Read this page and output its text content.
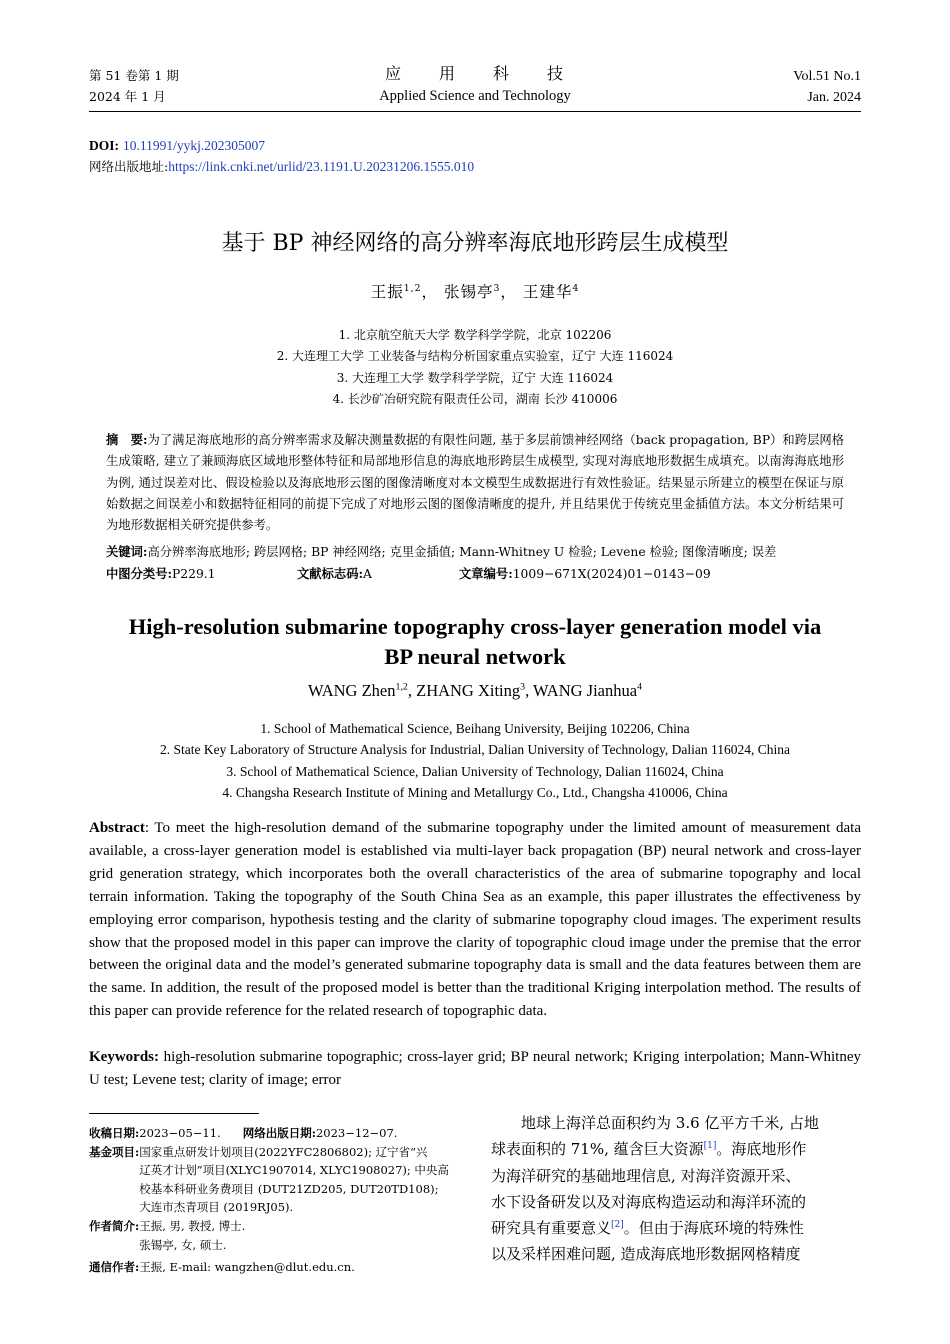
第 51 卷第 1 期
2024 年 1 月
应　　用　　科　　技
Applied Science and Technology
Vol.51 No.1
Jan. 2024
DOI: 10.11991/yykj.202305007
网络出版地址:https://link.cnki.net/urlid/23.1191.U.20231206.1555.010
基于 BP 神经网络的高分辨率海底地形跨层生成模型
王振$^{1,2}$， 张锡亭$^3$， 王建华$^4$
1. 北京航空航天大学 数学科学学院，北京 102206
2. 大连理工大学 工业装备与结构分析国家重点实验室，辽宁 大连 116024
3. 大连理工大学 数学科学学院，辽宁 大连 116024
4. 长沙矿冶研究院有限责任公司，湖南 长沙 410006
摘　要:为了满足海底地形的高分辨率需求及解决测量数据的有限性问题, 基于多层前馈神经网络（back propagation, BP）和跨层网格生成策略, 建立了兼顾海底区域地形整体特征和局部地形信息的海底地形跨层生成模型, 实现对海底地形数据生成填充。以南海海底地形为例, 通过误差对比、假设检验以及海底地形云图的图像清晰度对本文模型生成数据进行有效性验证。结果显示所建立的模型在保证与原始数据之间误差小和数据特征相同的前提下完成了对地形云图的图像清晰度的提升, 并且结果优于传统克里金插值方法。本文分析结果可为地形数据相关研究提供参考。
关键词:高分辨率海底地形; 跨层网格; BP 神经网络; 克里金插值; Mann-Whitney U 检验; Levene 检验; 图像清晰度; 误差
中图分类号:P229.1	文献标志码:A	文章编号:1009−671X(2024)01−0143−09
High-resolution submarine topography cross-layer generation model via
BP neural network
WANG Zhen$^{1,2}$, ZHANG Xiting$^3$, WANG Jianhua$^4$
1. School of Mathematical Science, Beihang University, Beijing 102206, China
2. State Key Laboratory of Structure Analysis for Industrial, Dalian University of Technology, Dalian 116024, China
3. School of Mathematical Science, Dalian University of Technology, Dalian 116024, China
4. Changsha Research Institute of Mining and Metallurgy Co., Ltd., Changsha 410006, China
Abstract: To meet the high-resolution demand of the submarine topography under the limited amount of measurement data available, a cross-layer generation model is established via multi-layer back propagation (BP) neural network and cross-layer grid generation strategy, which incorporates both the overall characteristics of the area of submarine topography and local terrain information. Taking the topography of the South China Sea as an example, this paper illustrates the effectiveness by employing error comparison, hypothesis testing and the clarity of submarine topography cloud images. The experiment results show that the proposed model in this paper can improve the clarity of topographic cloud image under the premise that the error between the original data and the model’s generated submarine topography data is small and the data features between them are the same. In addition, the result of the proposed model is better than the traditional Kriging interpolation method. The results of this paper can provide reference for the related research of topographic data.
Keywords: high-resolution submarine topographic; cross-layer grid; BP neural network; Kriging interpolation; Mann-Whitney U test; Levene test; clarity of image; error
收稿日期:2023−05−11. 网络出版日期:2023−12−07.
基金项目: 国家重点研发计划项目(2022YFC2806802); 辽宁省“兴
辽英才计划”项目(XLYC1907014, XLYC1908027); 中央高
校基本科研业务费项目 (DUT21ZD205, DUT20TD108);
大连市杰青项目 (2019RJ05).
作者简介: 王振, 男, 教授, 博士.
张锡亭, 女, 硕士.
通信作者:王振, E-mail: wangzhen@dlut.edu.cn.
　　地球上海洋总面积约为 3.6 亿平方千米, 占地
球表面积的 71%, 蕴含巨大资源[1]。海底地形作
为海洋研究的基础地理信息, 对海洋资源开采、
水下设备研发以及对海底构造运动和海洋环流的
研究具有重要意义[2]。但由于海底环境的特殊性
以及采样困难问题, 造成海底地形数据网格精度
